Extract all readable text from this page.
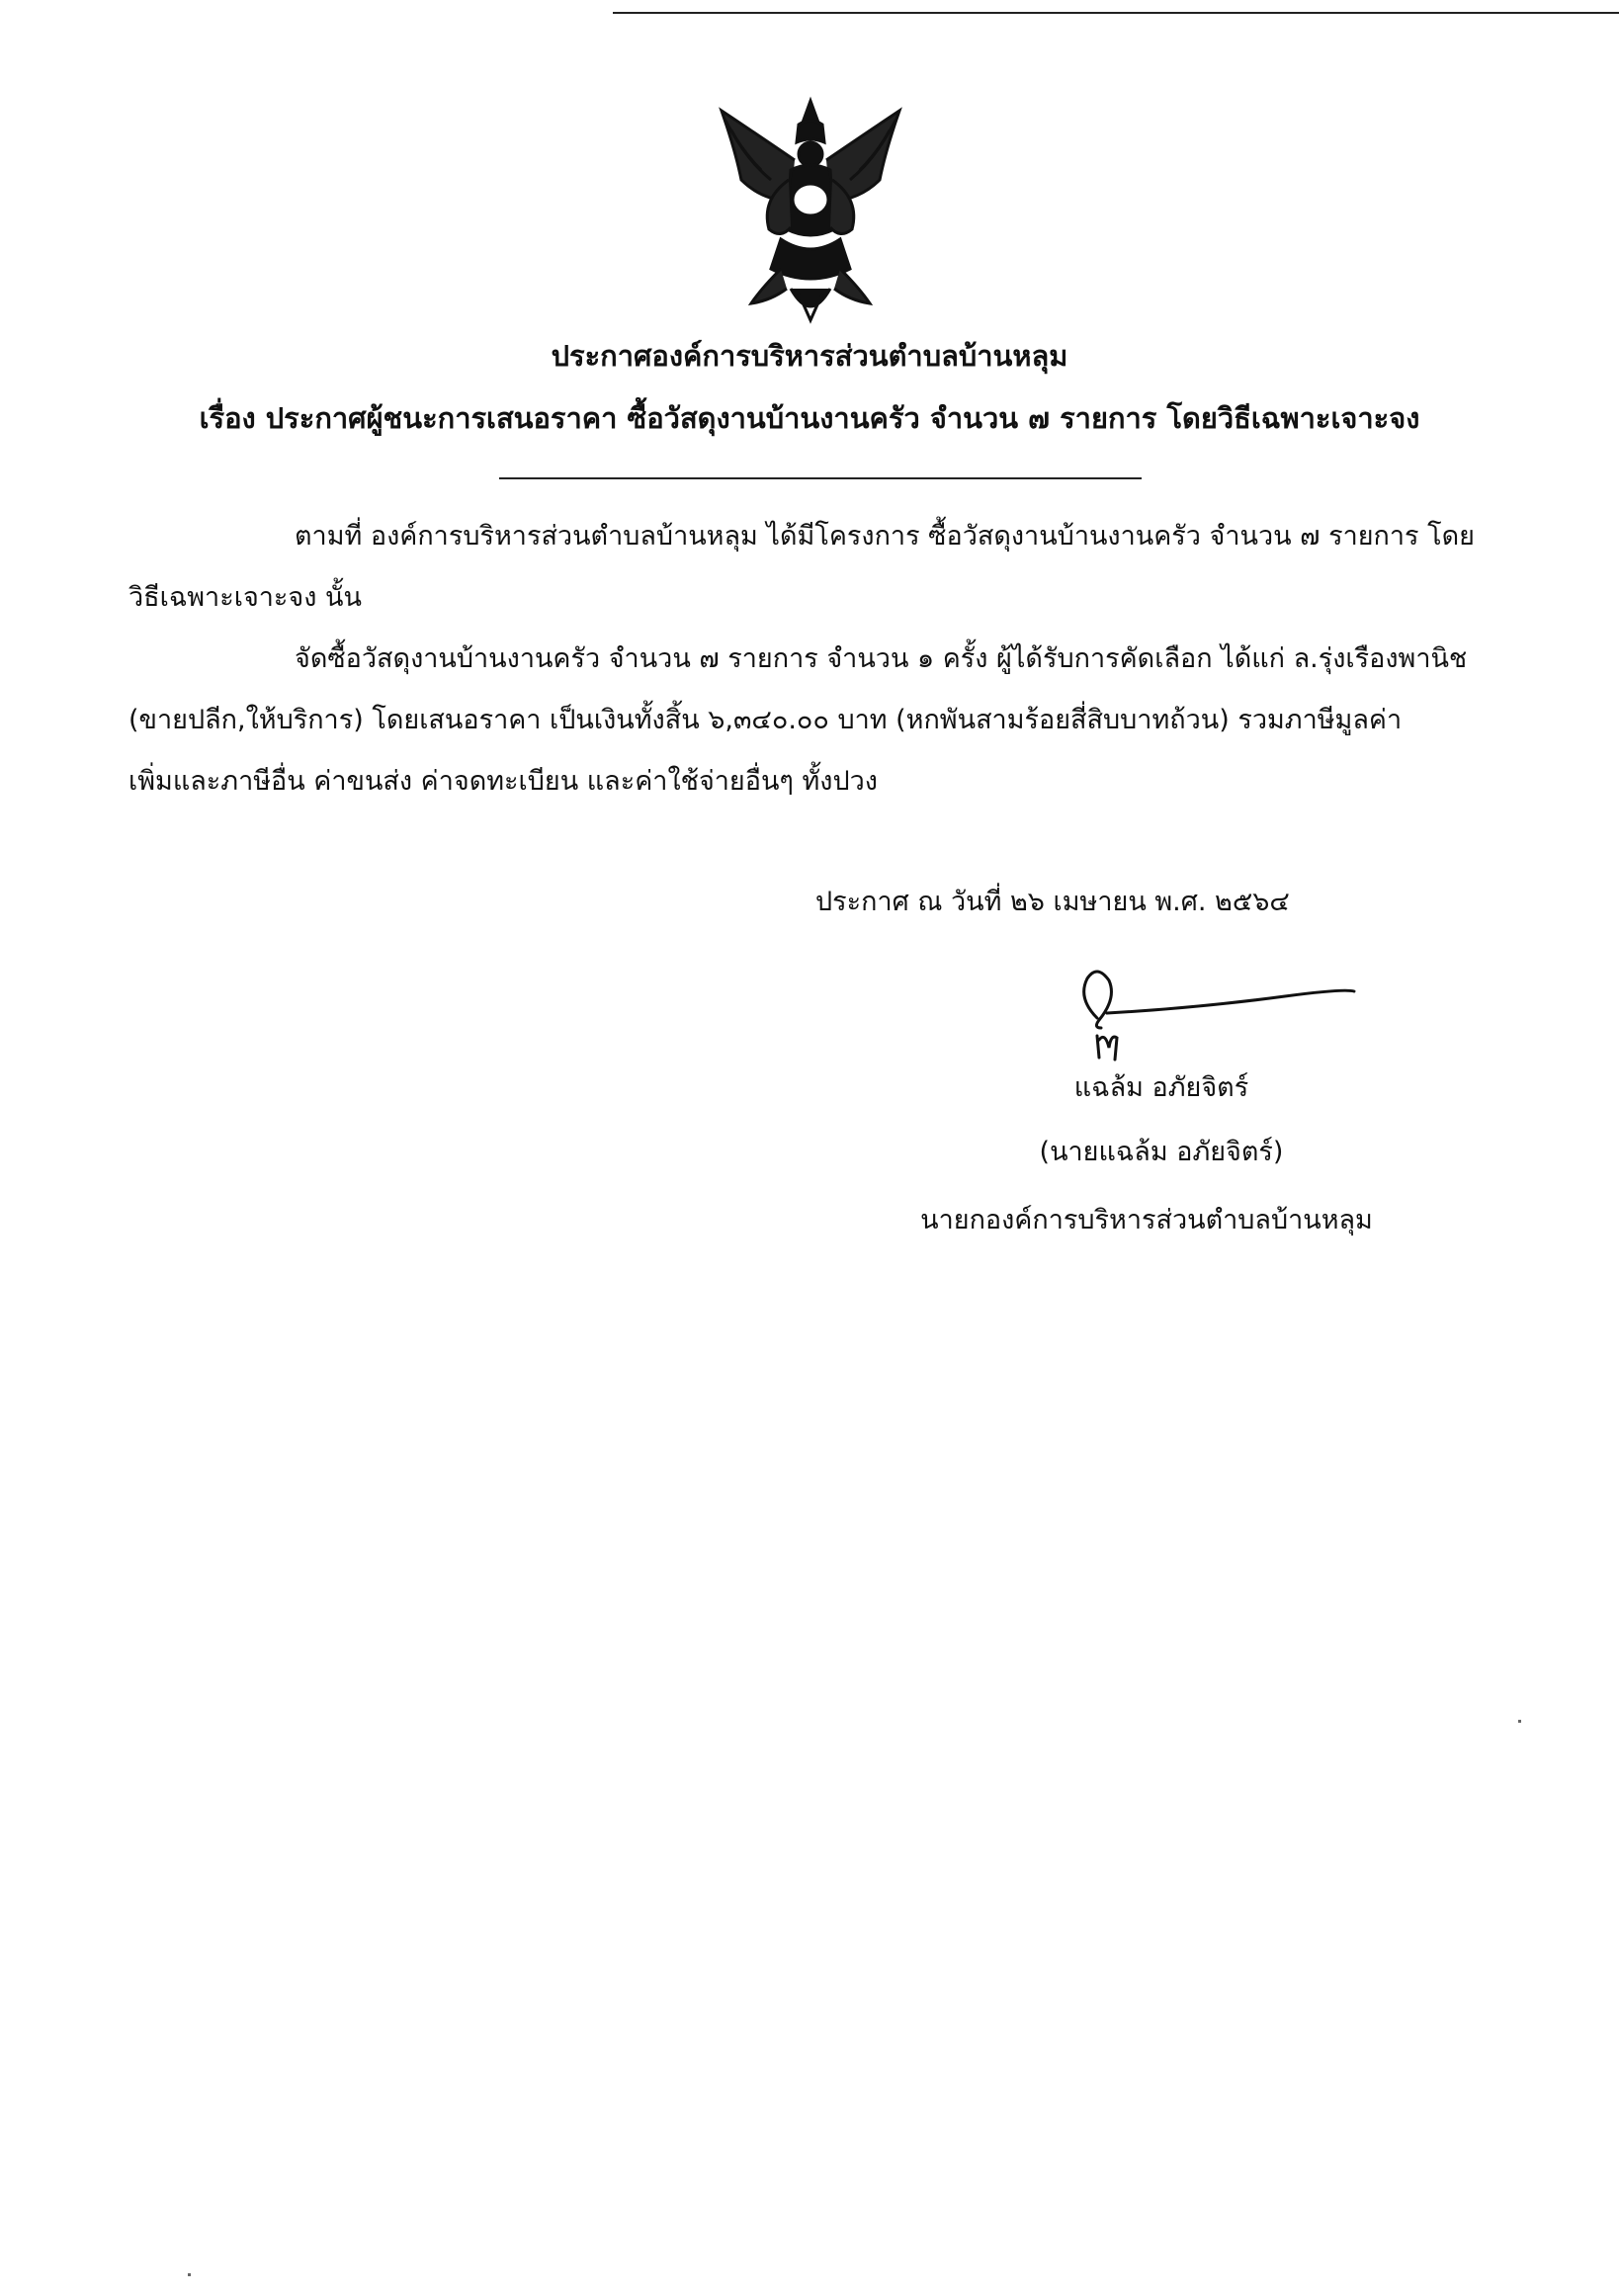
ประกาศองค์การบริหารส่วนตำบลบ้านหลุม
เรื่อง ประกาศผู้ชนะการเสนอราคา ซื้อวัสดุงานบ้านงานครัว จำนวน ๗ รายการ โดยวิธีเฉพาะเจาะจง
ตามที่ องค์การบริหารส่วนตำบลบ้านหลุม ได้มีโครงการ ซื้อวัสดุงานบ้านงานครัว จำนวน ๗ รายการ โดย
วิธีเฉพาะเจาะจง นั้น
จัดซื้อวัสดุงานบ้านงานครัว จำนวน ๗ รายการ จำนวน ๑ ครั้ง ผู้ได้รับการคัดเลือก ได้แก่ ล.รุ่งเรืองพานิช
(ขายปลีก,ให้บริการ) โดยเสนอราคา เป็นเงินทั้งสิ้น ๖,๓๔๐.๐๐ บาท (หกพันสามร้อยสี่สิบบาทถ้วน) รวมภาษีมูลค่า
เพิ่มและภาษีอื่น ค่าขนส่ง ค่าจดทะเบียน และค่าใช้จ่ายอื่นๆ ทั้งปวง
ประกาศ ณ วันที่ ๒๖ เมษายน พ.ศ. ๒๕๖๔
แฉล้ม อภัยจิตร์
(นายแฉล้ม อภัยจิตร์)
นายกองค์การบริหารส่วนตำบลบ้านหลุม
